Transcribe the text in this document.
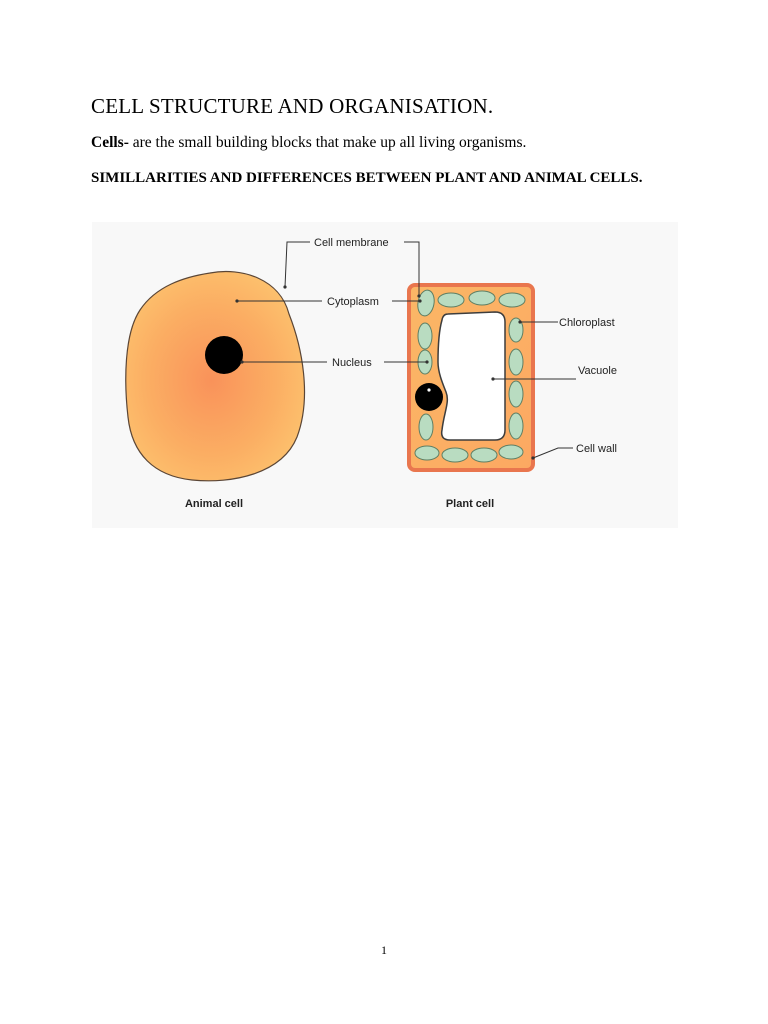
CELL STRUCTURE AND ORGANISATION.
Cells- are the small building blocks that make up all living organisms.
SIMILLARITIES AND DIFFERENCES BETWEEN PLANT AND ANIMAL CELLS.
Cell membrane
Cytoplasm
Nucleus
Chloroplast
Vacuole
Cell wall
Animal cell	Plant cell
1
